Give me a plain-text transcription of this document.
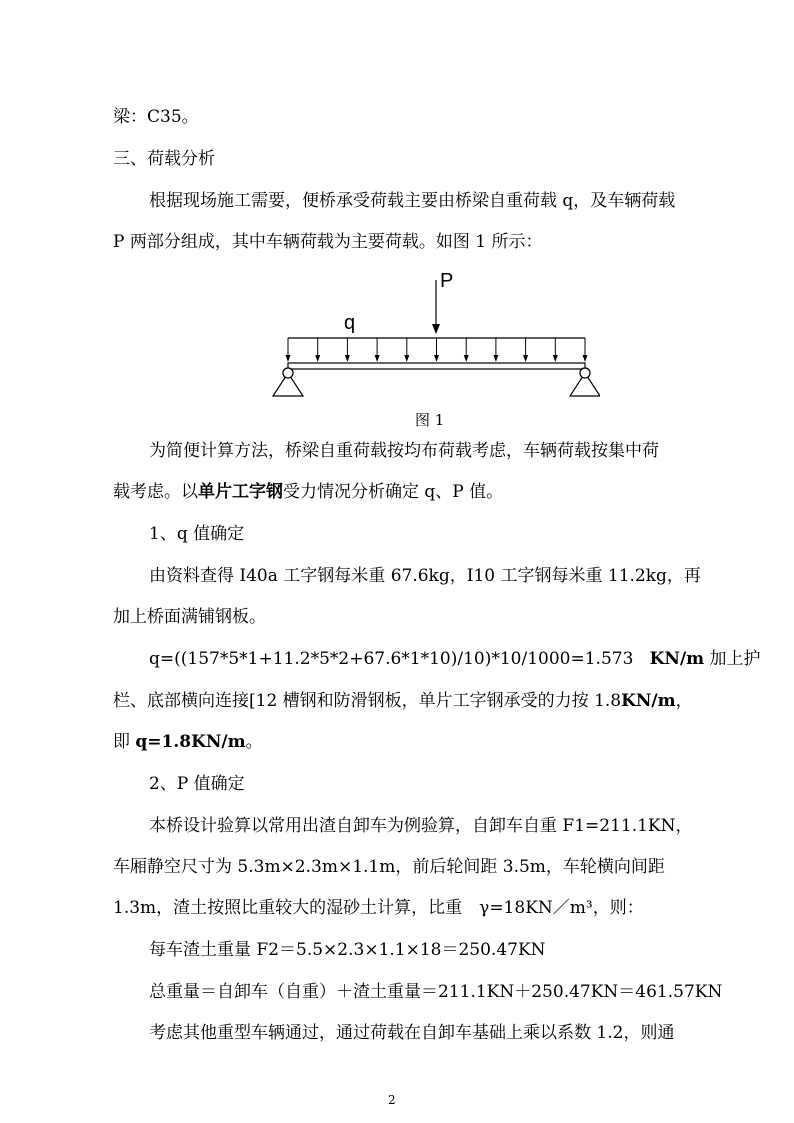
梁：C35。
三、荷载分析
根据现场施工需要，便桥承受荷载主要由桥梁自重荷载 q，及车辆荷载
P 两部分组成，其中车辆荷载为主要荷载。如图 1 所示：
P
q
图 1
为简便计算方法，桥梁自重荷载按均布荷载考虑，车辆荷载按集中荷
载考虑。以单片工字钢受力情况分析确定 q、P 值。
1、q 值确定
由资料查得 I40a 工字钢每米重 67.6kg，I10 工字钢每米重 11.2kg，再
加上桥面满铺钢板。
q=((157*5*1+11.2*5*2+67.6*1*10)/10)*10/1000=1.573 KN/m 加上护
栏、底部横向连接[12 槽钢和防滑钢板，单片工字钢承受的力按 1.8KN/m，
即 q=1.8KN/m。
2、P 值确定
本桥设计验算以常用出渣自卸车为例验算，自卸车自重 F1=211.1KN，
车厢静空尺寸为 5.3m×2.3m×1.1m，前后轮间距 3.5m，车轮横向间距
1.3m，渣土按照比重较大的湿砂土计算，比重　γ=18KN／m³，则：
每车渣土重量 F2＝5.5×2.3×1.1×18＝250.47KN
总重量＝自卸车（自重）＋渣土重量＝211.1KN＋250.47KN＝461.57KN
考虑其他重型车辆通过，通过荷载在自卸车基础上乘以系数 1.2，则通
2
